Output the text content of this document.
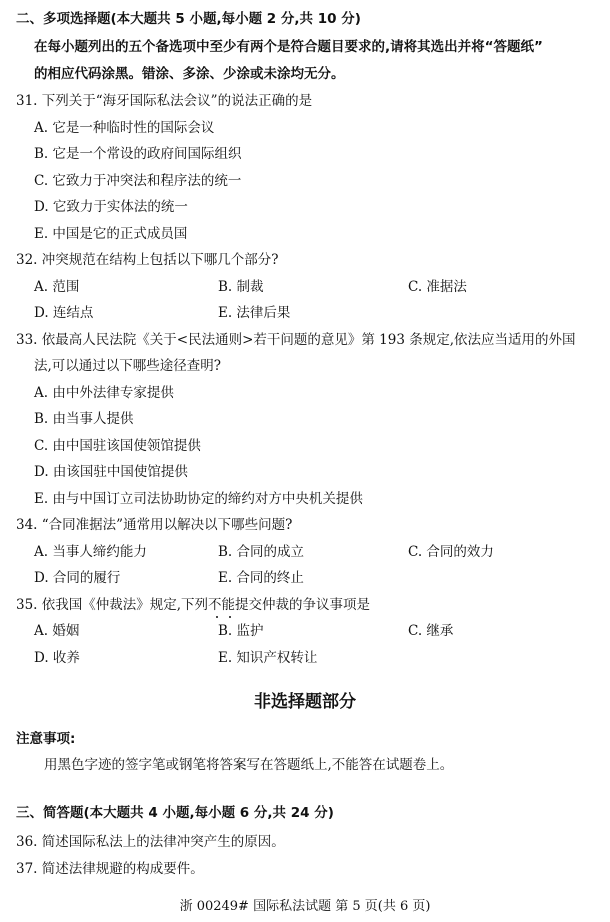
二、多项选择题(本大题共 5 小题,每小题 2 分,共 10 分)
在每小题列出的五个备选项中至少有两个是符合题目要求的,请将其选出并将“答题纸”
的相应代码涂黑。错涂、多涂、少涂或未涂均无分。
31. 下列关于“海牙国际私法会议”的说法正确的是
A. 它是一种临时性的国际会议
B. 它是一个常设的政府间国际组织
C. 它致力于冲突法和程序法的统一
D. 它致力于实体法的统一
E. 中国是它的正式成员国
32. 冲突规范在结构上包括以下哪几个部分?
A. 范围	B. 制裁	C. 准据法
D. 连结点	E. 法律后果
33. 依最高人民法院《关于<民法通则>若干问题的意见》第 193 条规定,依法应当适用的外国
法,可以通过以下哪些途径查明?
A. 由中外法律专家提供
B. 由当事人提供
C. 由中国驻该国使领馆提供
D. 由该国驻中国使馆提供
E. 由与中国订立司法协助协定的缔约对方中央机关提供
34. “合同准据法”通常用以解决以下哪些问题?
A. 当事人缔约能力	B. 合同的成立	C. 合同的效力
D. 合同的履行	E. 合同的终止
35. 依我国《仲裁法》规定,下列不能提交仲裁的争议事项是
A. 婚姻	B. 监护	C. 继承
D. 收养	E. 知识产权转让
非选择题部分
注意事项:
用黑色字迹的签字笔或钢笔将答案写在答题纸上,不能答在试题卷上。
三、简答题(本大题共 4 小题,每小题 6 分,共 24 分)
36. 简述国际私法上的法律冲突产生的原因。
37. 简述法律规避的构成要件。
浙 00249# 国际私法试题 第 5 页(共 6 页)
